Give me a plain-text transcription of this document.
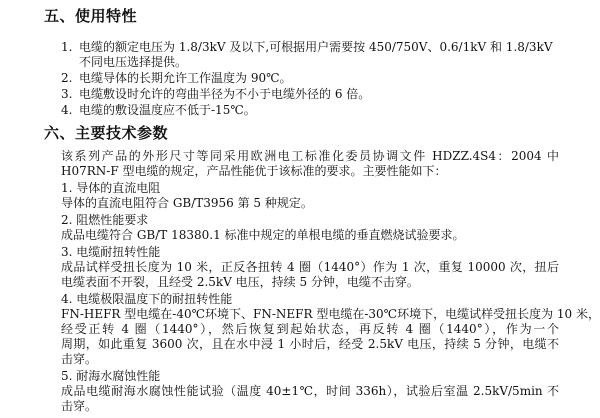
五、使用特性
1. 电缆的额定电压为 1.8/3kV 及以下,可根据用户需要按 450/750V、0.6/1kV 和 1.8/3kV
不同电压选择提供。
2. 电缆导体的长期允许工作温度为 90℃。
3. 电缆敷设时允许的弯曲半径为不小于电缆外径的 6 倍。
4. 电缆的敷设温度应不低于-15℃。
六、主要技术参数
该系列产品的外形尺寸等同采用欧洲电工标准化委员协调文件 HDZZ.4S4：2004 中
H07RN-F 型电缆的规定，产品性能优于该标准的要求。主要性能如下：
1. 导体的直流电阻
导体的直流电阻符合 GB/T3956 第 5 种规定。
2. 阻燃性能要求
成品电缆符合 GB/T 18380.1 标准中规定的单根电缆的垂直燃烧试验要求。
3. 电缆耐扭转性能
成品试样受扭长度为 10 米，正反各扭转 4 圈（1440°）作为 1 次，重复 10000 次，扭后
电缆表面不开裂，且经受 2.5kV 电压，持续 5 分钟，电缆不击穿。
4. 电缆极限温度下的耐扭转性能
FN-HEFR 型电缆在-40℃环境下、FN-NEFR 型电缆在-30℃环境下，电缆试样受扭长度为 10 米，
经受正转 4 圈（1440°），然后恢复到起始状态，再反转 4 圈（1440°），作为一个
周期，如此重复 3600 次，且在水中浸 1 小时后，经受 2.5kV 电压，持续 5 分钟，电缆不
击穿。
5. 耐海水腐蚀性能
成品电缆耐海水腐蚀性能试验（温度 40±1℃，时间 336h），试验后室温 2.5kV/5min 不
击穿。
